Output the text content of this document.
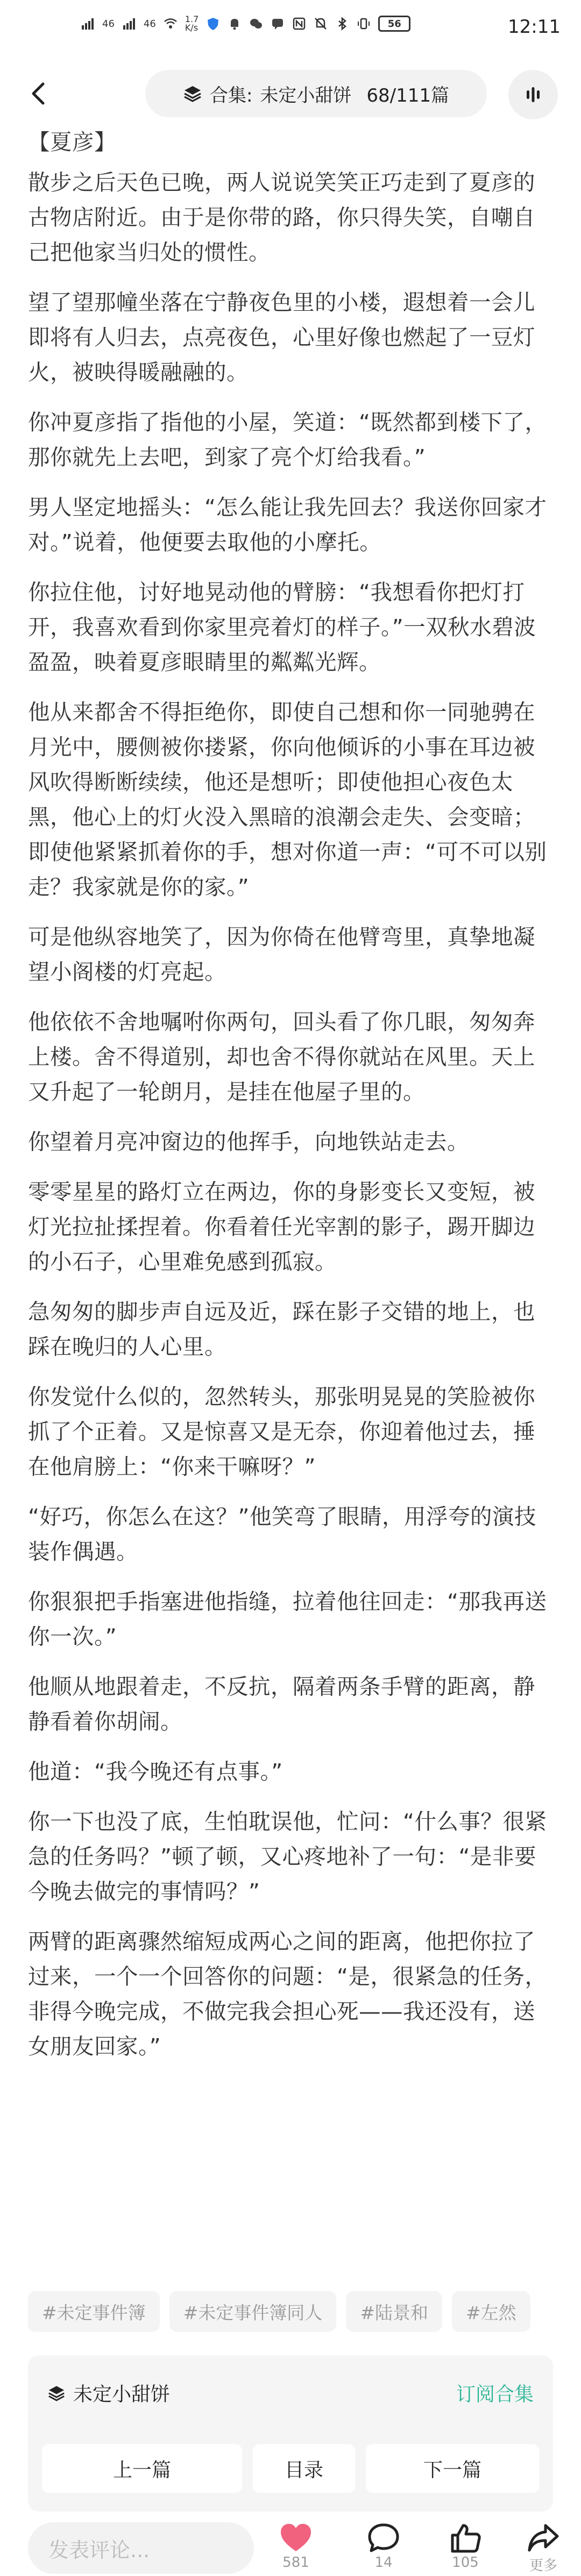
46	46	1.7
K/s	56	12:11
合集: 未定小甜饼 68/111篇

【夏彦】

散步之后天色已晚，两人说说笑笑正巧走到了夏彦的古物店附近。由于是你带的路，你只得失笑，自嘲自己把他家当归处的惯性。

望了望那幢坐落在宁静夜色里的小楼，遐想着一会儿即将有人归去，点亮夜色，心里好像也燃起了一豆灯火，被映得暖融融的。

你冲夏彦指了指他的小屋，笑道：“既然都到楼下了，那你就先上去吧，到家了亮个灯给我看。”

男人坚定地摇头：“怎么能让我先回去？我送你回家才对。”说着，他便要去取他的小摩托。

你拉住他，讨好地晃动他的臂膀：“我想看你把灯打开，我喜欢看到你家里亮着灯的样子。”一双秋水碧波盈盈，映着夏彦眼睛里的粼粼光辉。

他从来都舍不得拒绝你，即使自己想和你一同驰骋在月光中，腰侧被你搂紧，你向他倾诉的小事在耳边被风吹得断断续续，他还是想听；即使他担心夜色太黑，他心上的灯火没入黑暗的浪潮会走失、会变暗；即使他紧紧抓着你的手，想对你道一声：“可不可以别走？我家就是你的家。”

可是他纵容地笑了，因为你倚在他臂弯里，真挚地凝望小阁楼的灯亮起。

他依依不舍地嘱咐你两句，回头看了你几眼，匆匆奔上楼。舍不得道别，却也舍不得你就站在风里。天上又升起了一轮朗月，是挂在他屋子里的。

你望着月亮冲窗边的他挥手，向地铁站走去。

零零星星的路灯立在两边，你的身影变长又变短，被灯光拉扯揉捏着。你看着任光宰割的影子，踢开脚边的小石子，心里难免感到孤寂。

急匆匆的脚步声自远及近，踩在影子交错的地上，也踩在晚归的人心里。

你发觉什么似的，忽然转头，那张明晃晃的笑脸被你抓了个正着。又是惊喜又是无奈，你迎着他过去，捶在他肩膀上：“你来干嘛呀？”

“好巧，你怎么在这？”他笑弯了眼睛，用浮夸的演技装作偶遇。

你狠狠把手指塞进他指缝，拉着他往回走：“那我再送你一次。”

他顺从地跟着走，不反抗，隔着两条手臂的距离，静静看着你胡闹。

他道：“我今晚还有点事。”

你一下也没了底，生怕耽误他，忙问：“什么事？很紧急的任务吗？”顿了顿，又心疼地补了一句：“是非要今晚去做完的事情吗？”

两臂的距离骤然缩短成两心之间的距离，他把你拉了过来，一个一个回答你的问题：“是，很紧急的任务，非得今晚完成，不做完我会担心死——我还没有，送女朋友回家。”

#未定事件簿	#未定事件簿同人	#陆景和	#左然
未定小甜饼	订阅合集
上一篇	目录	下一篇
发表评论...
581	14	105	更多
